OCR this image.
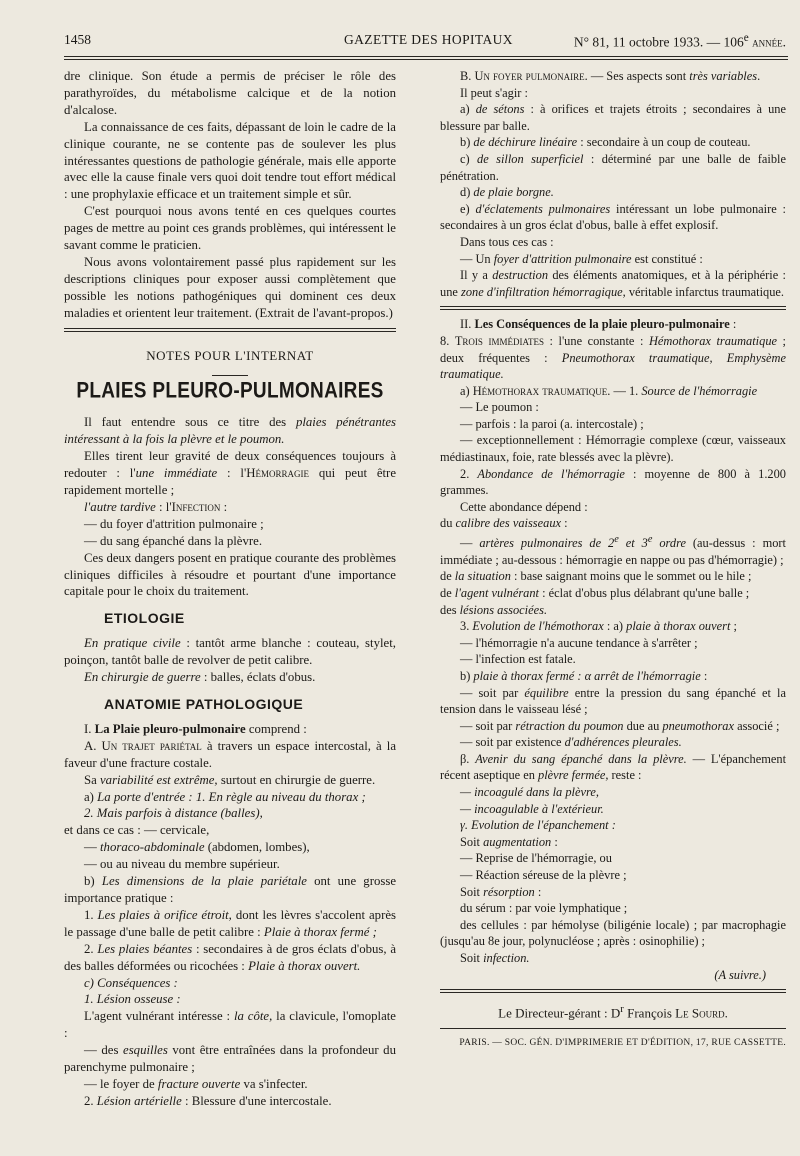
1458	GAZETTE DES HOPITAUX	N° 81, 11 octobre 1933. — 106e année.

dre clinique. Son étude a permis de préciser le rôle des parathyroïdes, du métabolisme calcique et de la notion d'alcalose.

La connaissance de ces faits, dépassant de loin le cadre de la clinique courante, ne se contente pas de soulever les plus intéressantes questions de pathologie générale, mais elle apporte avec elle la cause finale vers quoi doit tendre tout effort médical : une prophylaxie efficace et un traitement simple et sûr.

C'est pourquoi nous avons tenté en ces quelques courtes pages de mettre au point ces grands problèmes, qui intéressent le savant comme le praticien.

Nous avons volontairement passé plus rapidement sur les descriptions cliniques pour exposer aussi complètement que possible les notions pathogéniques qui dominent ces deux maladies et orientent leur traitement. (Extrait de l'avant-propos.)

NOTES POUR L'INTERNAT
PLAIES PLEURO-PULMONAIRES

Il faut entendre sous ce titre des plaies pénétrantes intéressant à la fois la plèvre et le poumon.

Elles tirent leur gravité de deux conséquences toujours à redouter : l'une immédiate : l'Hémorragie qui peut être rapidement mortelle ;

l'autre tardive : l'Infection :

— du foyer d'attrition pulmonaire ;

— du sang épanché dans la plèvre.

Ces deux dangers posent en pratique courante des problèmes cliniques difficiles à résoudre et pourtant d'une importance capitale pour le choix du traitement.

ETIOLOGIE

En pratique civile : tantôt arme blanche : couteau, stylet, poinçon, tantôt balle de revolver de petit calibre.

En chirurgie de guerre : balles, éclats d'obus.

ANATOMIE PATHOLOGIQUE

I. La Plaie pleuro-pulmonaire comprend :

A. Un trajet pariétal à travers un espace intercostal, à la faveur d'une fracture costale.

Sa variabilité est extrême, surtout en chirurgie de guerre.

a) La porte d'entrée : 1. En règle au niveau du thorax ;

2. Mais parfois à distance (balles),

et dans ce cas : — cervicale,

— thoraco-abdominale (abdomen, lombes),

— ou au niveau du membre supérieur.

b) Les dimensions de la plaie pariétale ont une grosse importance pratique :

1. Les plaies à orifice étroit, dont les lèvres s'accolent après le passage d'une balle de petit calibre : Plaie à thorax fermé ;

2. Les plaies béantes : secondaires à de gros éclats d'obus, à des balles déformées ou ricochées : Plaie à thorax ouvert.

c) Conséquences :

1. Lésion osseuse :

L'agent vulnérant intéresse : la côte, la clavicule, l'omoplate :

— des esquilles vont être entraînées dans la profondeur du parenchyme pulmonaire ;

— le foyer de fracture ouverte va s'infecter.

2. Lésion artérielle : Blessure d'une intercostale.

B. Un foyer pulmonaire. — Ses aspects sont très variables.

Il peut s'agir :

a) de sétons : à orifices et trajets étroits ; secondaires à une blessure par balle.

b) de déchirure linéaire : secondaire à un coup de couteau.

c) de sillon superficiel : déterminé par une balle de faible pénétration.

d) de plaie borgne.

e) d'éclatements pulmonaires intéressant un lobe pulmonaire : secondaires à un gros éclat d'obus, balle à effet explosif.

Dans tous ces cas :

— Un foyer d'attrition pulmonaire est constitué :

Il y a destruction des éléments anatomiques, et à la périphérie : une zone d'infiltration hémorragique, véritable infarctus traumatique.

II. Les Conséquences de la plaie pleuro-pulmonaire :

8. Trois immédiates : l'une constante : Hémothorax traumatique ; deux fréquentes : Pneumothorax traumatique, Emphysème traumatique.

a) Hémothorax traumatique. — 1. Source de l'hémorragie

— Le poumon :

— parfois : la paroi (a. intercostale) ;

— exceptionnellement : Hémorragie complexe (cœur, vaisseaux médiastinaux, foie, rate blessés avec la plèvre).

2. Abondance de l'hémorragie : moyenne de 800 à 1.200 grammes.

Cette abondance dépend :

du calibre des vaisseaux :

— artères pulmonaires de 2e et 3e ordre (au-dessus : mort immédiate ; au-dessous : hémorragie en nappe ou pas d'hémorragie) ;

de la situation : base saignant moins que le sommet ou le hile ;

de l'agent vulnérant : éclat d'obus plus délabrant qu'une balle ;

des lésions associées.

3. Evolution de l'hémothorax : a) plaie à thorax ouvert ;

— l'hémorragie n'a aucune tendance à s'arrêter ;

— l'infection est fatale.

b) plaie à thorax fermé : α arrêt de l'hémorragie :

— soit par équilibre entre la pression du sang épanché et la tension dans le vaisseau lésé ;

— soit par rétraction du poumon due au pneumothorax associé ;

— soit par existence d'adhérences pleurales.

β. Avenir du sang épanché dans la plèvre. — L'épanchement récent aseptique en plèvre fermée, reste :

— incoagulé dans la plèvre,

— incoagulable à l'extérieur.

γ. Evolution de l'épanchement :

Soit augmentation :

— Reprise de l'hémorragie, ou

— Réaction séreuse de la plèvre ;

Soit résorption :

du sérum : par voie lymphatique ;

des cellules : par hémolyse (biligénie locale) ; par macrophagie (jusqu'au 8e jour, polynucléose ; après : osinophilie) ;

Soit infection.

(A suivre.)

Le Directeur-gérant : $D^r$ François Le Sourd.

PARIS. — SOC. GÉN. D'IMPRIMERIE ET D'ÉDITION, 17, RUE CASSETTE.
